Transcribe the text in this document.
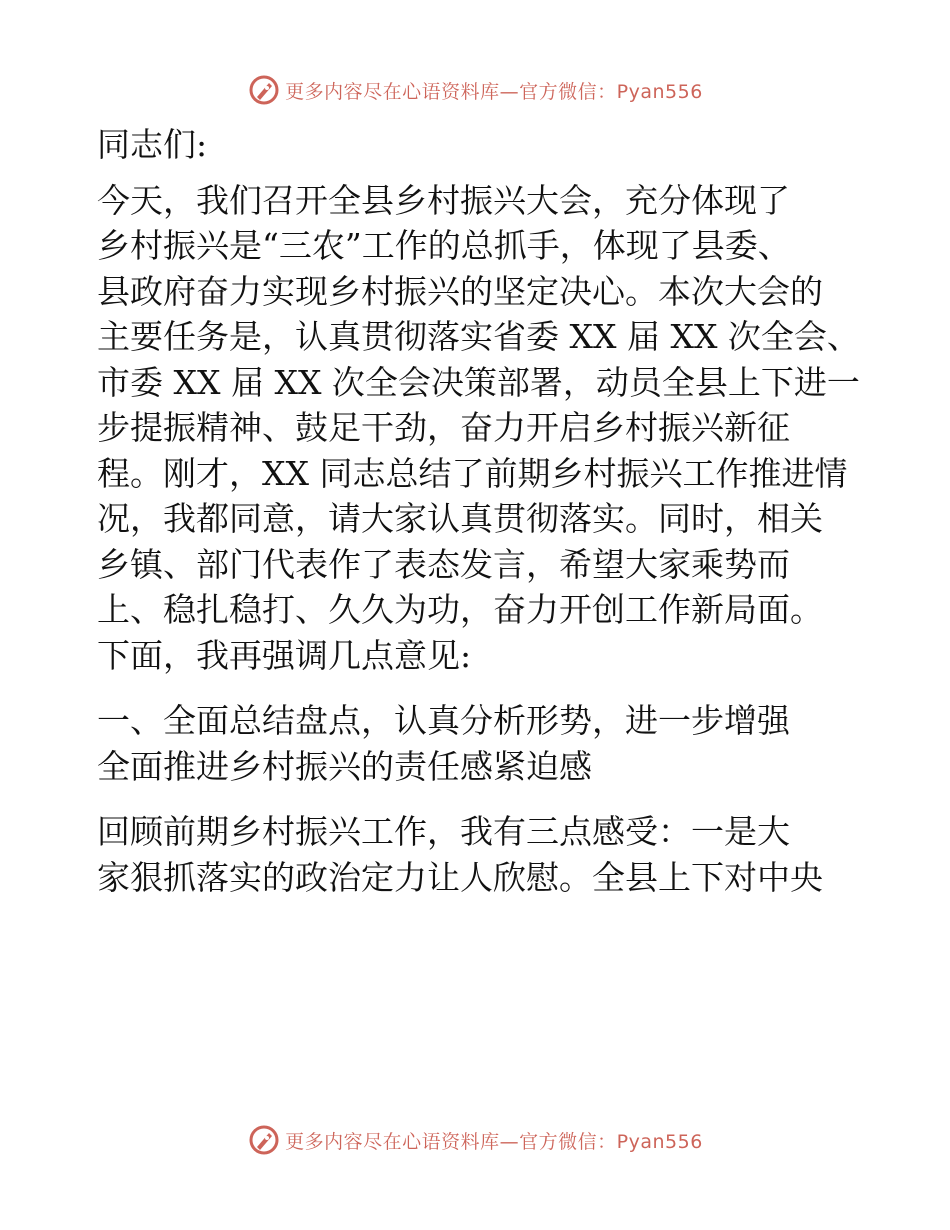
更多内容尽在心语资料库—官方微信：Pyan556

同志们:

今天，我们召开全县乡村振兴大会，充分体现了
乡村振兴是“三农”工作的总抓手，体现了县委、
县政府奋力实现乡村振兴的坚定决心。本次大会的
主要任务是，认真贯彻落实省委 XX 届 XX 次全会、
市委 XX 届 XX 次全会决策部署，动员全县上下进一
步提振精神、鼓足干劲，奋力开启乡村振兴新征
程。刚才，XX 同志总结了前期乡村振兴工作推进情
况，我都同意，请大家认真贯彻落实。同时，相关
乡镇、部门代表作了表态发言，希望大家乘势而
上、稳扎稳打、久久为功，奋力开创工作新局面。
下面，我再强调几点意见:

一、全面总结盘点，认真分析形势，进一步增强
全面推进乡村振兴的责任感紧迫感

回顾前期乡村振兴工作，我有三点感受：一是大
家狠抓落实的政治定力让人欣慰。全县上下对中央

更多内容尽在心语资料库—官方微信：Pyan556
